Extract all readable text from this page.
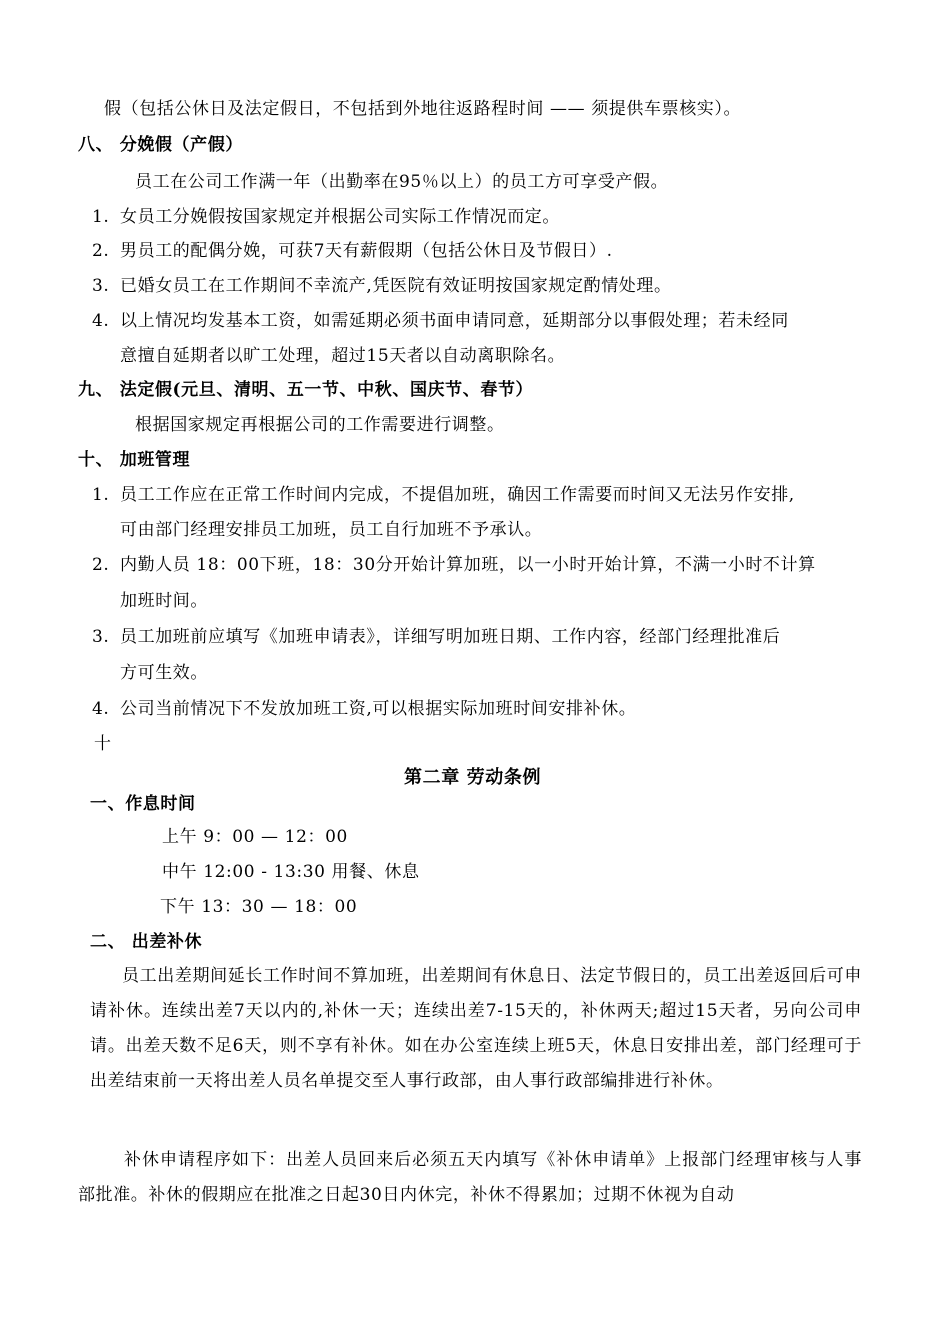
假（包括公休日及法定假日，不包括到外地往返路程时间 —— 须提供车票核实）。
八、 分娩假（产假）
员工在公司工作满一年（出勤率在95％以上）的员工方可享受产假。
1. 女员工分娩假按国家规定并根据公司实际工作情况而定。
2. 男员工的配偶分娩，可获7天有薪假期（包括公休日及节假日）.
3. 已婚女员工在工作期间不幸流产,凭医院有效证明按国家规定酌情处理。
4. 以上情况均发基本工资，如需延期必须书面申请同意，延期部分以事假处理；若未经同
意擅自延期者以旷工处理，超过15天者以自动离职除名。
九、 法定假(元旦、清明、五一节、中秋、国庆节、春节）
根据国家规定再根据公司的工作需要进行调整。
十、 加班管理
1. 员工工作应在正常工作时间内完成，不提倡加班，确因工作需要而时间又无法另作安排,
可由部门经理安排员工加班，员工自行加班不予承认。
2. 内勤人员 18：00下班，18：30分开始计算加班，以一小时开始计算，不满一小时不计算
加班时间。
3. 员工加班前应填写《加班申请表》，详细写明加班日期、工作内容，经部门经理批准后
方可生效。
4. 公司当前情况下不发放加班工资,可以根据实际加班时间安排补休。
十
第二章 劳动条例
一、作息时间
上午 9：00 — 12：00
中午 12:00 - 13:30 用餐、休息
下午 13：30 — 18：00
二、 出差补休
员工出差期间延长工作时间不算加班，出差期间有休息日、法定节假日的，员工出差返回后可申请补休。连续出差7天以内的,补休一天；连续出差7-15天的，补休两天;超过15天者，另向公司申请。出差天数不足6天，则不享有补休。如在办公室连续上班5天，休息日安排出差，部门经理可于出差结束前一天将出差人员名单提交至人事行政部，由人事行政部编排进行补休。
补休申请程序如下：出差人员回来后必须五天内填写《补休申请单》上报部门经理审核与人事部批准。补休的假期应在批准之日起30日内休完，补休不得累加；过期不休视为自动
